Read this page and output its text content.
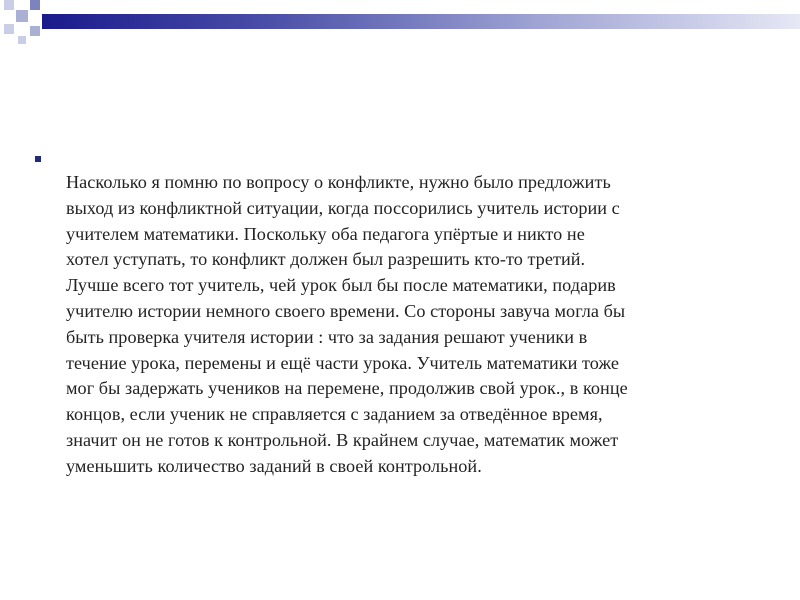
Насколько я помню по вопросу о конфликте, нужно было предложить
выход из конфликтной ситуации, когда поссорились учитель истории с
учителем математики. Поскольку оба педагога упёртые и никто не
хотел уступать, то конфликт должен был разрешить кто-то третий.
Лучше всего тот учитель, чей урок был бы после математики, подарив
учителю истории немного своего времени. Со стороны завуча могла бы
быть проверка учителя истории : что за задания решают ученики в
течение урока, перемены и ещё части урока. Учитель математики тоже
мог бы задержать учеников на перемене, продолжив свой урок., в конце
концов, если ученик не справляется с заданием за отведённое время,
значит он не готов к контрольной. В крайнем случае, математик может
уменьшить количество заданий в своей контрольной.
